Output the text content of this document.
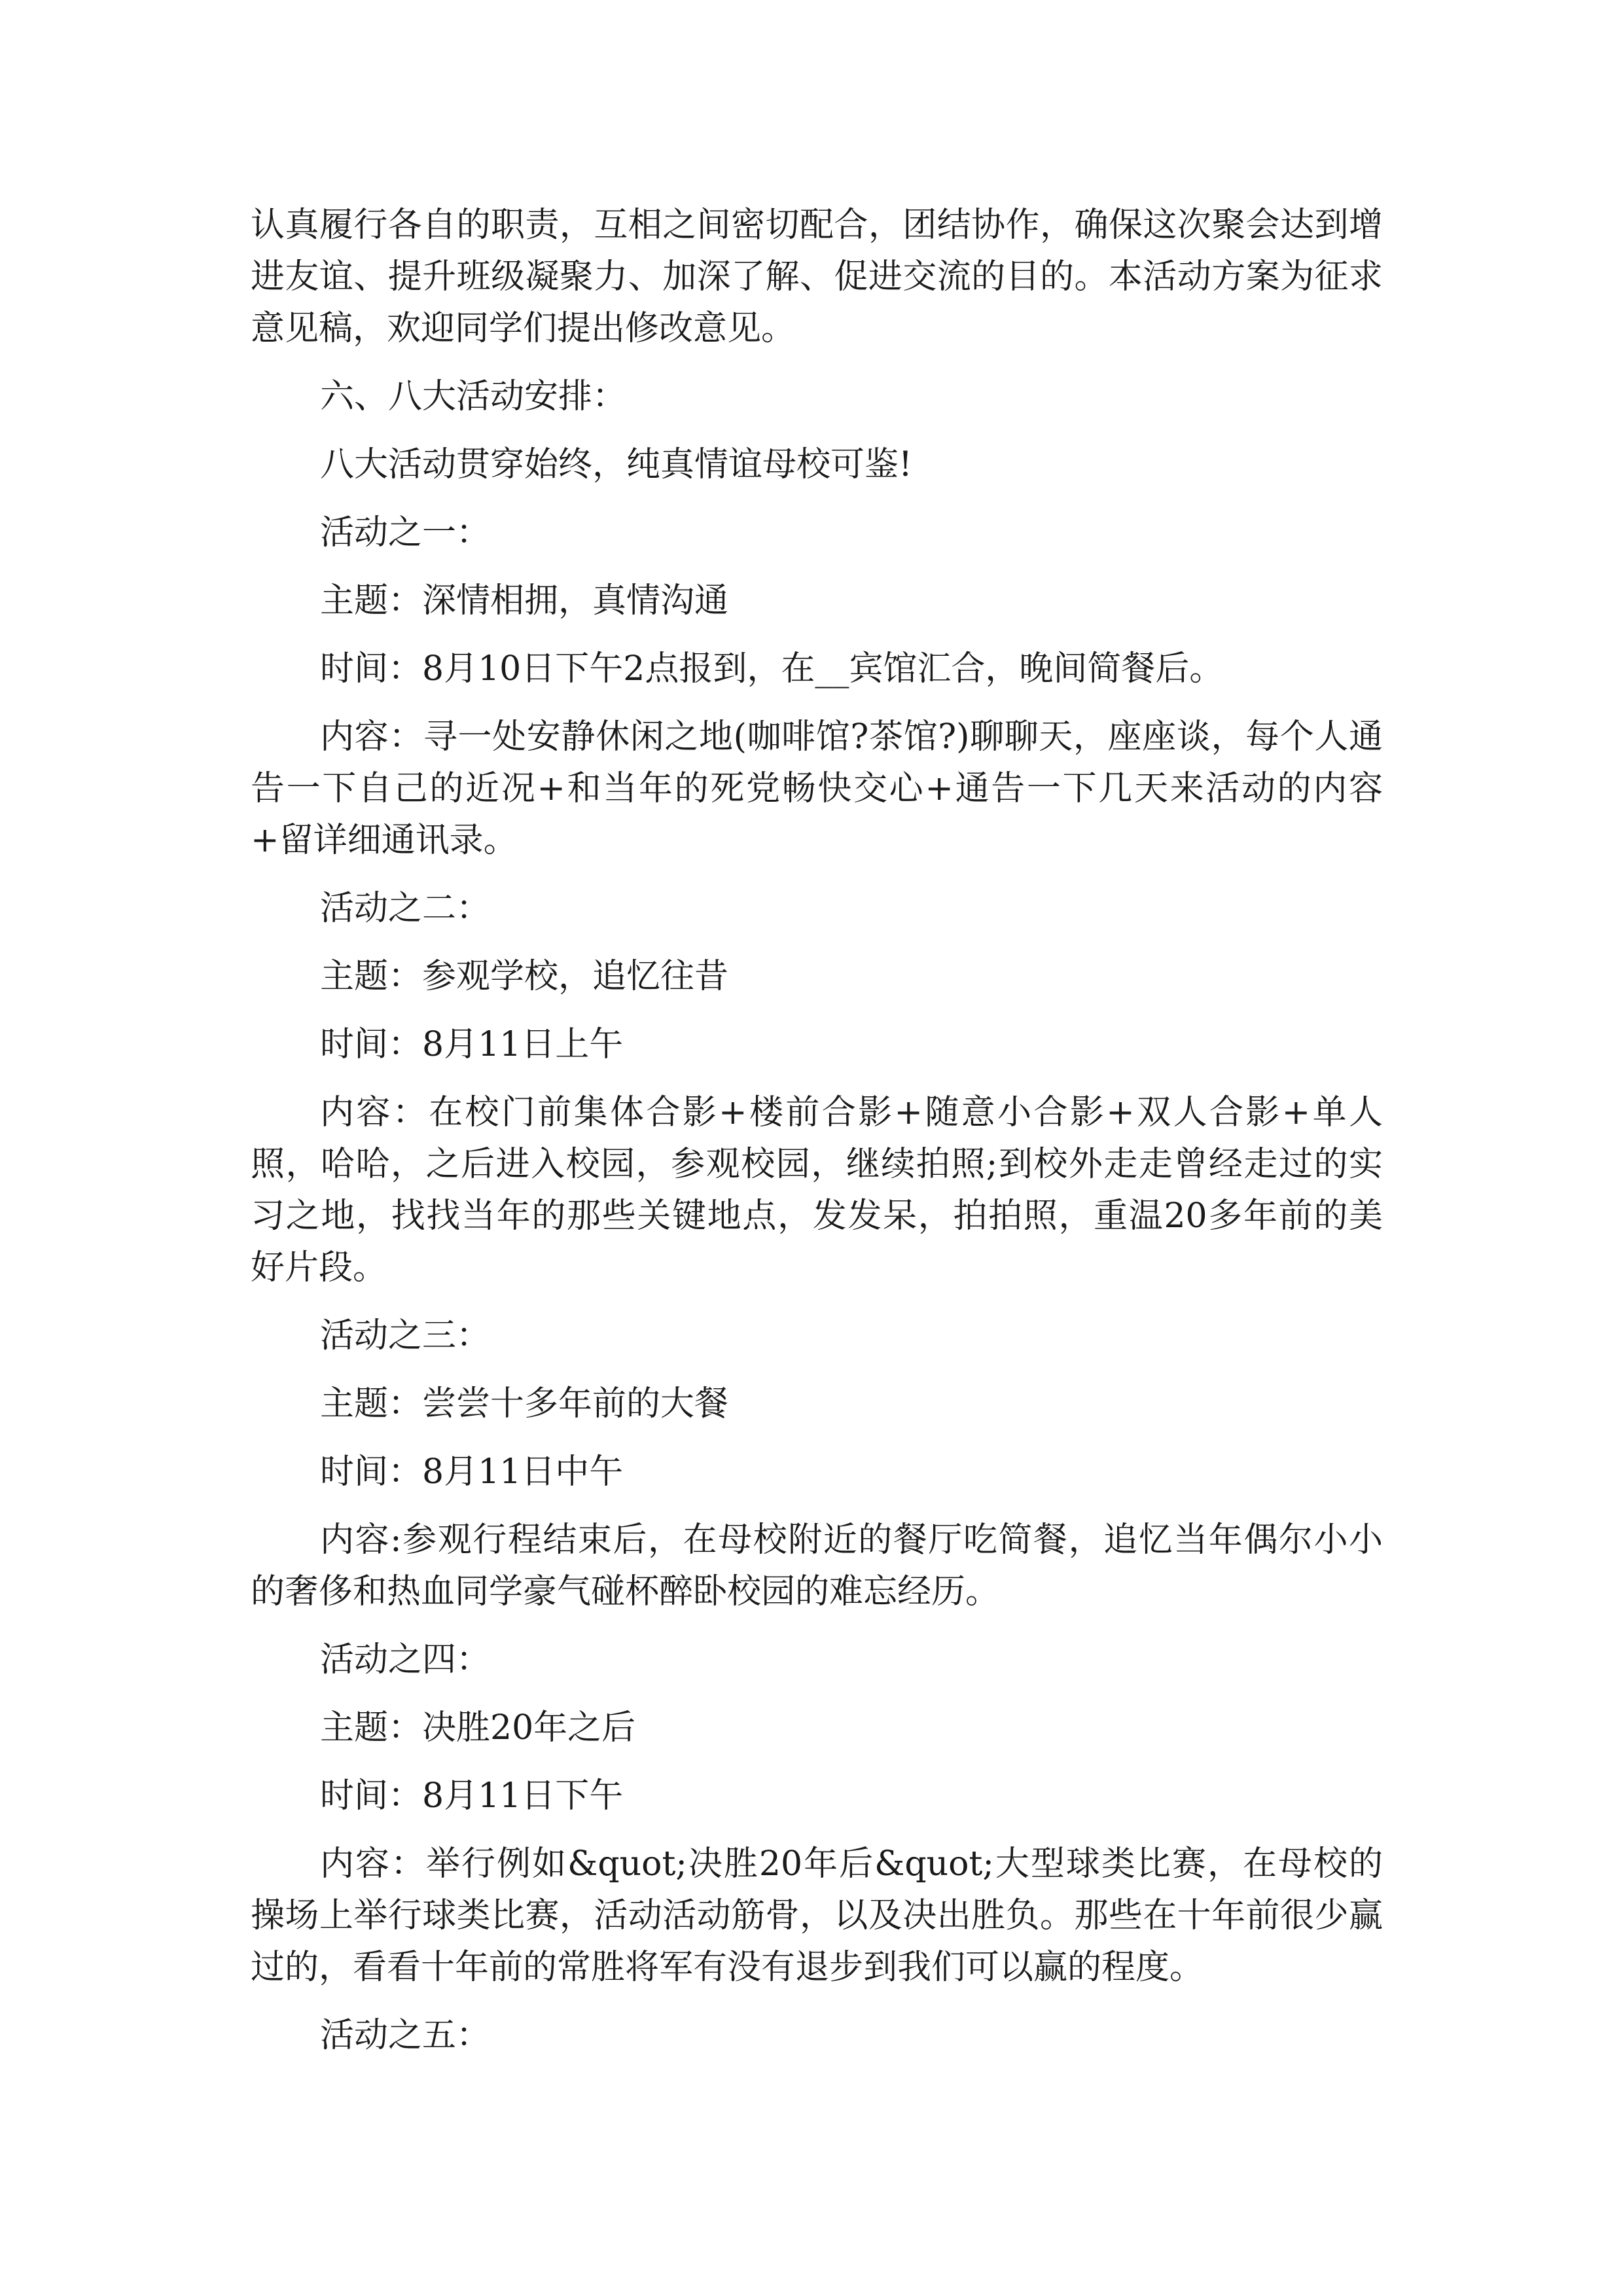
认真履行各自的职责，互相之间密切配合，团结协作，确保这次聚会达到增进友谊、提升班级凝聚力、加深了解、促进交流的目的。本活动方案为征求意见稿，欢迎同学们提出修改意见。

六、八大活动安排：

八大活动贯穿始终，纯真情谊母校可鉴!

活动之一：

主题：深情相拥，真情沟通

时间：8月10日下午2点报到，在__宾馆汇合，晚间简餐后。

内容：寻一处安静休闲之地(咖啡馆?茶馆?)聊聊天，座座谈，每个人通告一下自己的近况+和当年的死党畅快交心+通告一下几天来活动的内容+留详细通讯录。

活动之二：

主题：参观学校，追忆往昔

时间：8月11日上午

内容：在校门前集体合影+楼前合影+随意小合影+双人合影+单人照，哈哈，之后进入校园，参观校园，继续拍照;到校外走走曾经走过的实习之地，找找当年的那些关键地点，发发呆，拍拍照，重温20多年前的美好片段。

活动之三：

主题：尝尝十多年前的大餐

时间：8月11日中午

内容:参观行程结束后，在母校附近的餐厅吃简餐，追忆当年偶尔小小的奢侈和热血同学豪气碰杯醉卧校园的难忘经历。

活动之四：

主题：决胜20年之后

时间：8月11日下午

内容：举行例如&quot;决胜20年后&quot;大型球类比赛，在母校的操场上举行球类比赛，活动活动筋骨，以及决出胜负。那些在十年前很少赢过的，看看十年前的常胜将军有没有退步到我们可以赢的程度。

活动之五：
